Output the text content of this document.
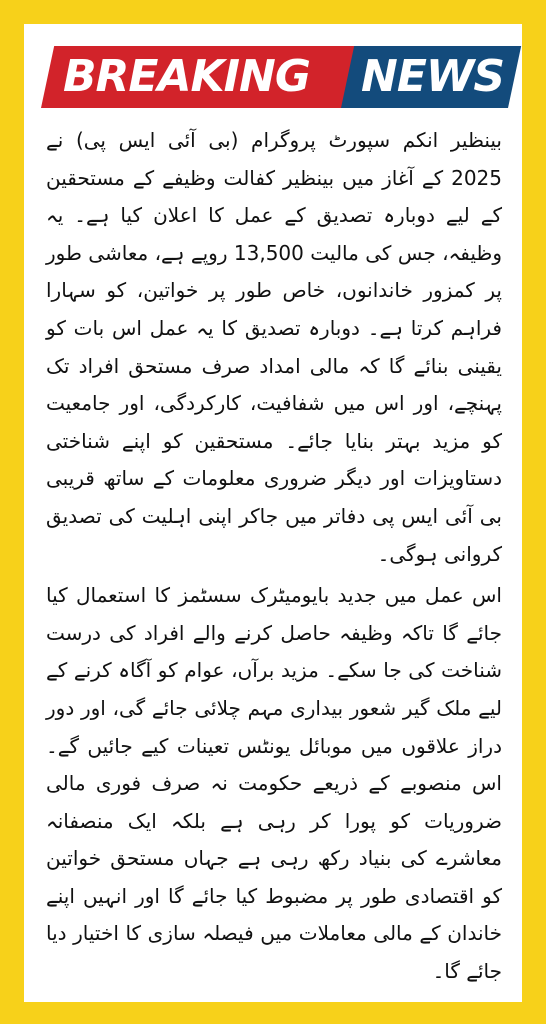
BREAKING NEWS

بینظیر انکم سپورٹ پروگرام (بی آئی ایس پی) نے 2025 کے آغاز میں بینظیر کفالت وظیفے کے مستحقین کے لیے دوبارہ تصدیق کے عمل کا اعلان کیا ہے۔ یہ وظیفہ، جس کی مالیت 13,500 روپے ہے، معاشی طور پر کمزور خاندانوں، خاص طور پر خواتین، کو سہارا فراہم کرتا ہے۔ دوبارہ تصدیق کا یہ عمل اس بات کو یقینی بنائے گا کہ مالی امداد صرف مستحق افراد تک پہنچے، اور اس میں شفافیت، کارکردگی، اور جامعیت کو مزید بہتر بنایا جائے۔ مستحقین کو اپنے شناختی دستاویزات اور دیگر ضروری معلومات کے ساتھ قریبی بی آئی ایس پی دفاتر میں جاکر اپنی اہلیت کی تصدیق کروانی ہوگی۔

اس عمل میں جدید بایومیٹرک سسٹمز کا استعمال کیا جائے گا تاکہ وظیفہ حاصل کرنے والے افراد کی درست شناخت کی جا سکے۔ مزید برآں، عوام کو آگاہ کرنے کے لیے ملک گیر شعور بیداری مہم چلائی جائے گی، اور دور دراز علاقوں میں موبائل یونٹس تعینات کیے جائیں گے۔ اس منصوبے کے ذریعے حکومت نہ صرف فوری مالی ضروریات کو پورا کر رہی ہے بلکہ ایک منصفانہ معاشرے کی بنیاد رکھ رہی ہے جہاں مستحق خواتین کو اقتصادی طور پر مضبوط کیا جائے گا اور انہیں اپنے خاندان کے مالی معاملات میں فیصلہ سازی کا اختیار دیا جائے گا۔
